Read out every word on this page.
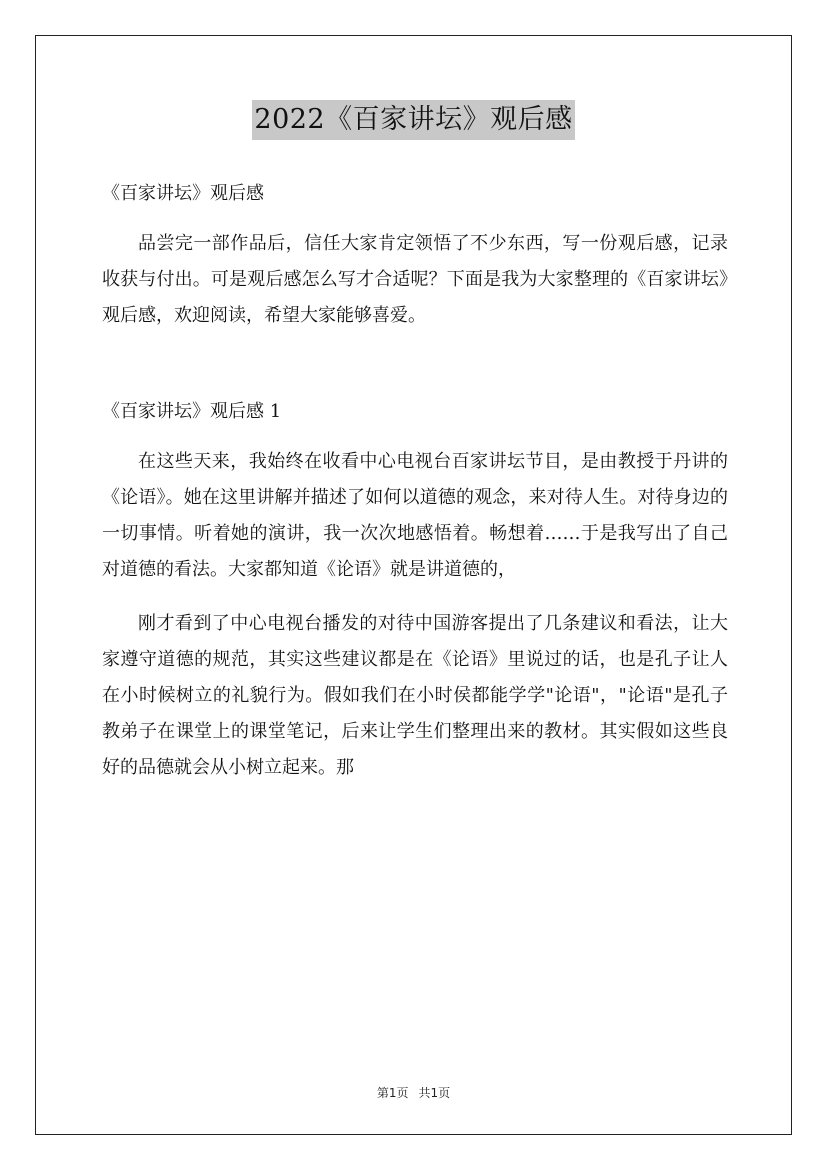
2022《百家讲坛》观后感

《百家讲坛》观后感

品尝完一部作品后，信任大家肯定领悟了不少东西，写一份观后感，记录收获与付出。可是观后感怎么写才合适呢？下面是我为大家整理的《百家讲坛》观后感，欢迎阅读，希望大家能够喜爱。

《百家讲坛》观后感 1

在这些天来，我始终在收看中心电视台百家讲坛节目，是由教授于丹讲的《论语》。她在这里讲解并描述了如何以道德的观念，来对待人生。对待身边的一切事情。听着她的演讲，我一次次地感悟着。畅想着……于是我写出了自己对道德的看法。大家都知道《论语》就是讲道德的，

刚才看到了中心电视台播发的对待中国游客提出了几条建议和看法，让大家遵守道德的规范，其实这些建议都是在《论语》里说过的话，也是孔子让人在小时候树立的礼貌行为。假如我们在小时侯都能学学"论语"，"论语"是孔子教弟子在课堂上的课堂笔记，后来让学生们整理出来的教材。其实假如这些良好的品德就会从小树立起来。那

第1页 共1页
